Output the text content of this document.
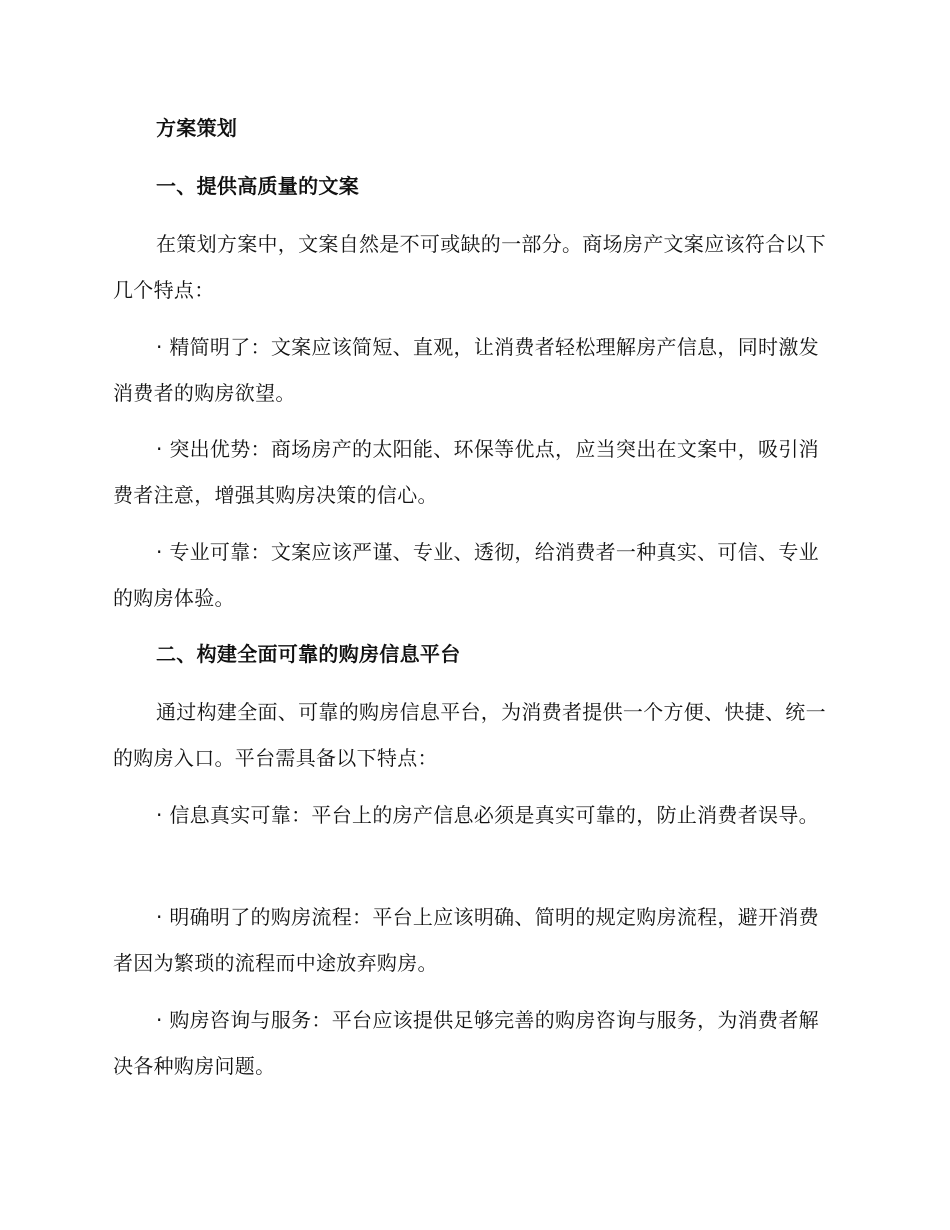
方案策划

一、提供高质量的文案

在策划方案中，文案自然是不可或缺的一部分。商场房产文案应该符合以下几个特点：

· 精简明了：文案应该简短、直观，让消费者轻松理解房产信息，同时激发消费者的购房欲望。

· 突出优势：商场房产的太阳能、环保等优点，应当突出在文案中，吸引消费者注意，增强其购房决策的信心。

· 专业可靠：文案应该严谨、专业、透彻，给消费者一种真实、可信、专业的购房体验。

二、构建全面可靠的购房信息平台

通过构建全面、可靠的购房信息平台，为消费者提供一个方便、快捷、统一的购房入口。平台需具备以下特点：

· 信息真实可靠：平台上的房产信息必须是真实可靠的，防止消费者误导。

· 明确明了的购房流程：平台上应该明确、简明的规定购房流程，避开消费者因为繁琐的流程而中途放弃购房。

· 购房咨询与服务：平台应该提供足够完善的购房咨询与服务，为消费者解决各种购房问题。
